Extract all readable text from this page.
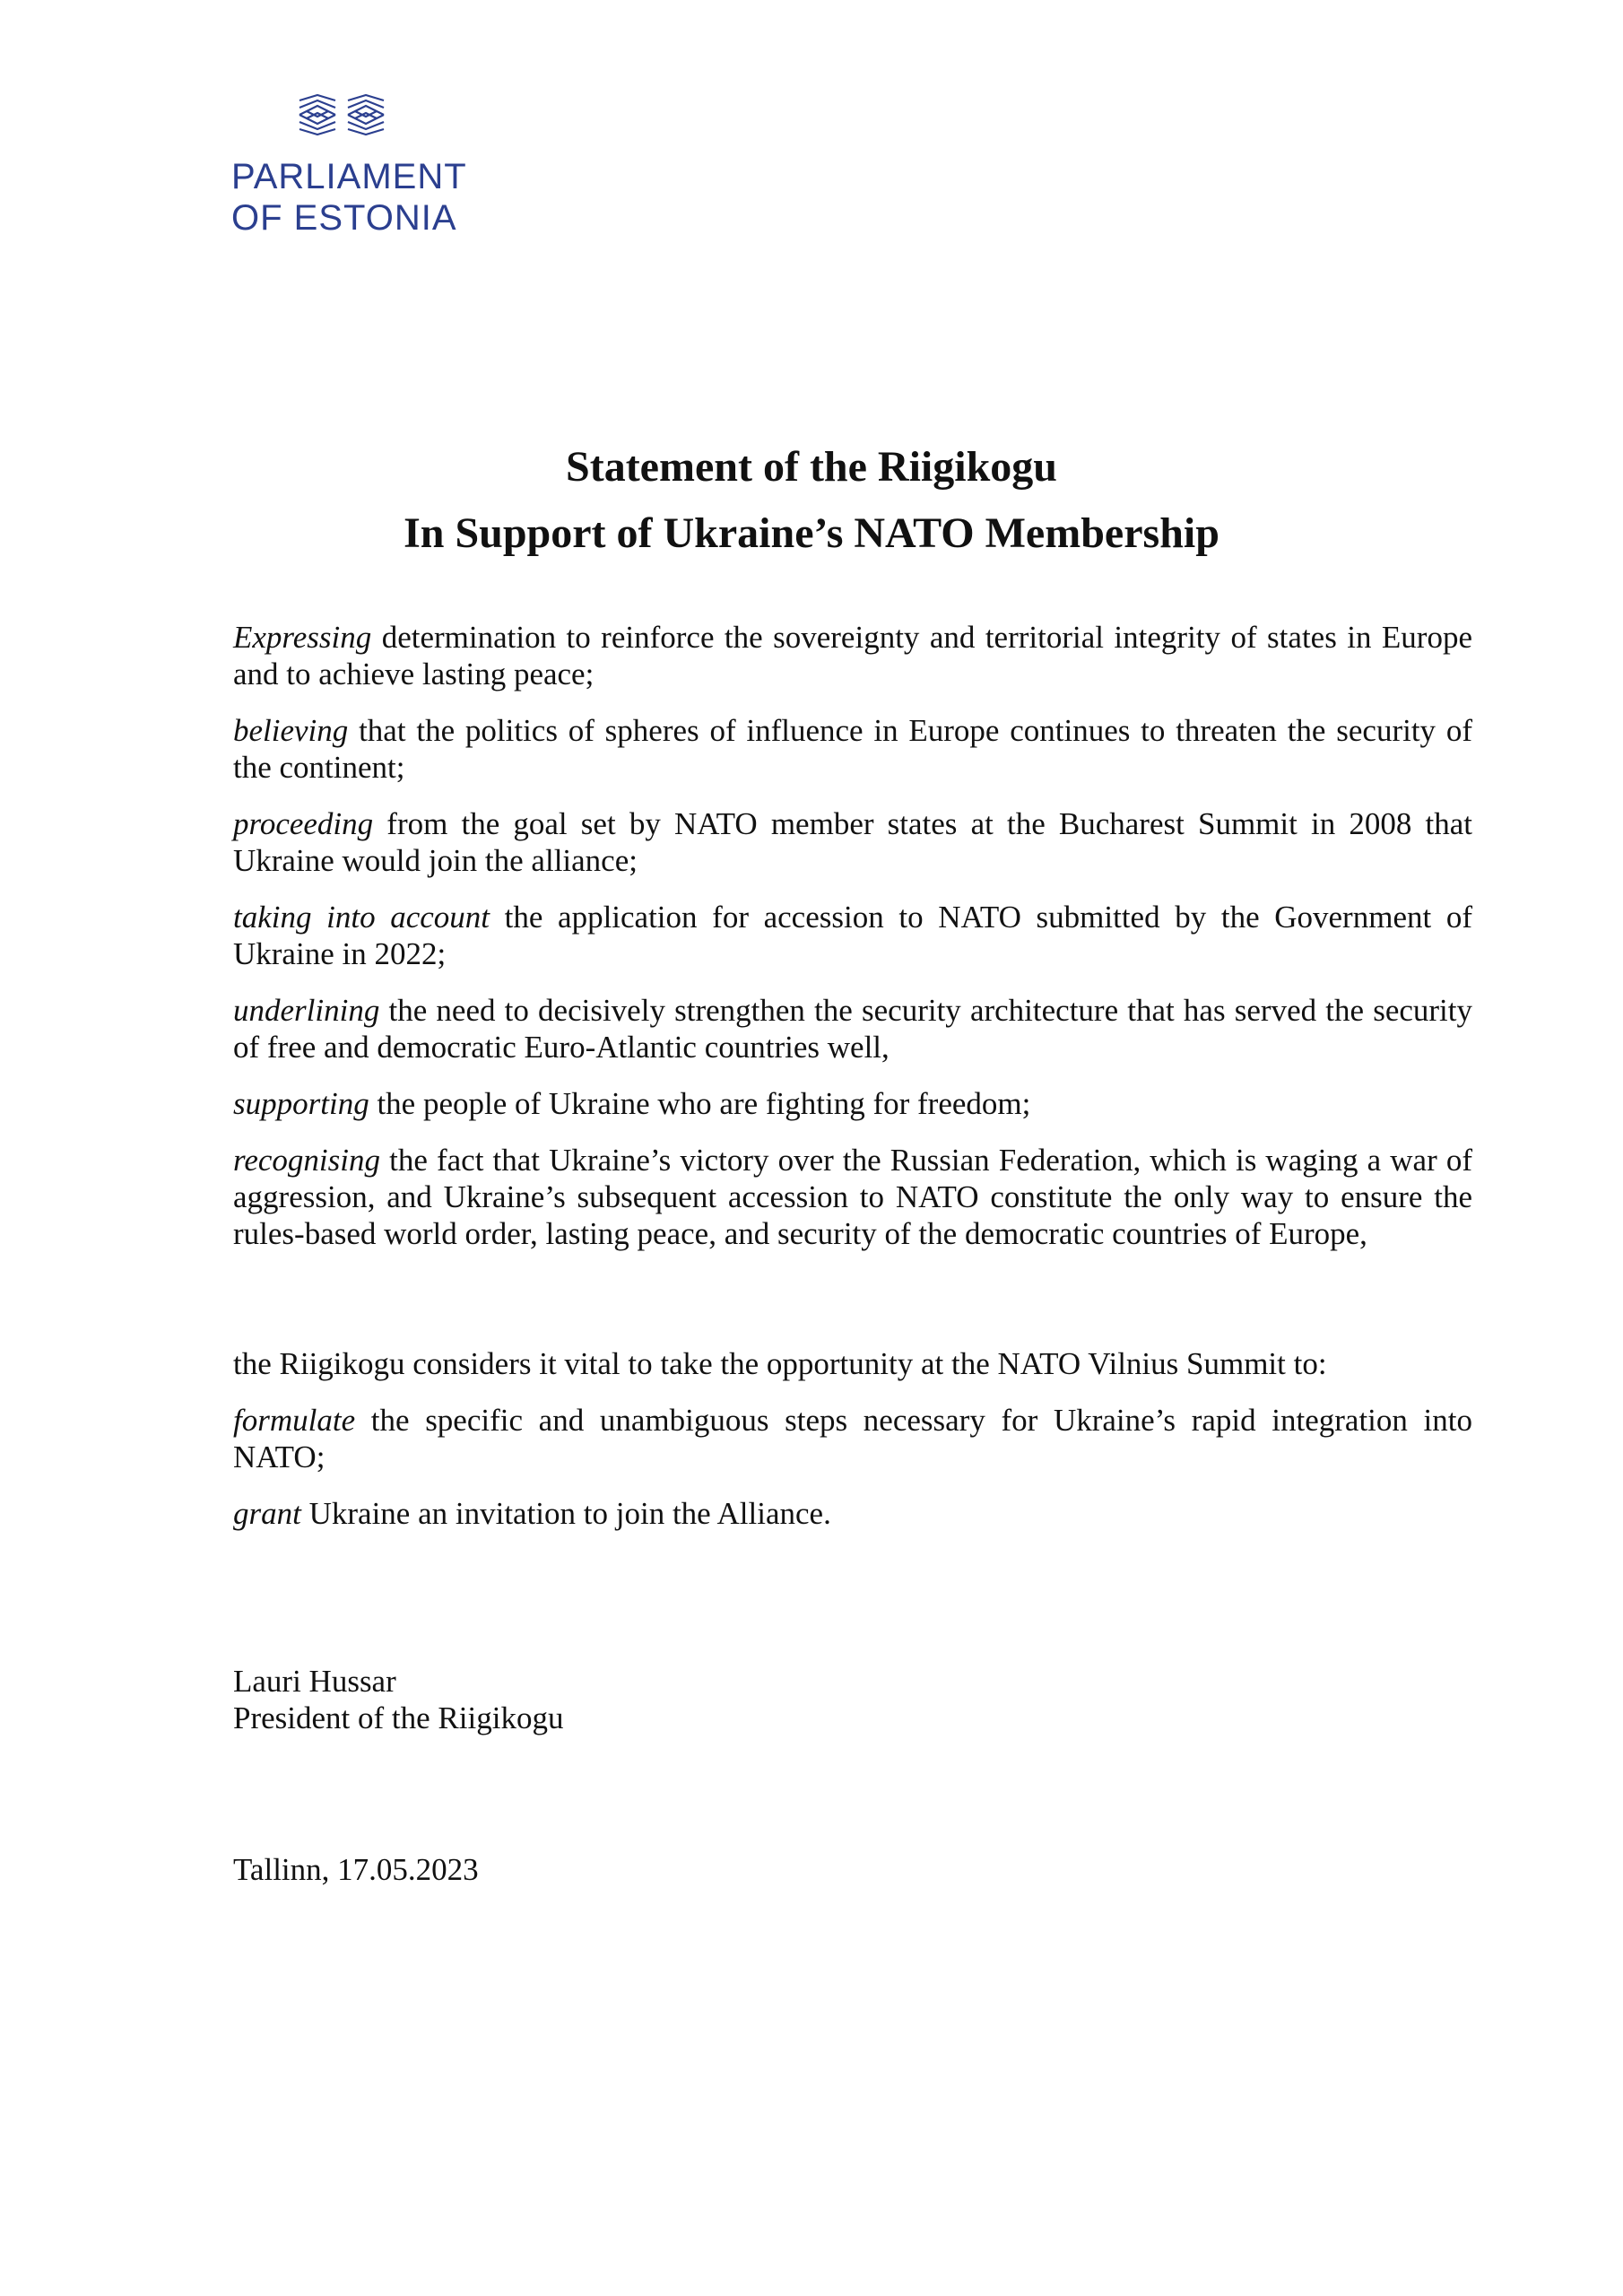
PARLIAMENT
OF ESTONIA
Statement of the Riigikogu
In Support of Ukraine’s NATO Membership

Expressing determination to reinforce the sovereignty and territorial integrity of states in Europe and to achieve lasting peace;

believing that the politics of spheres of influence in Europe continues to threaten the security of the continent;

proceeding from the goal set by NATO member states at the Bucharest Summit in 2008 that Ukraine would join the alliance;

taking into account the application for accession to NATO submitted by the Government of Ukraine in 2022;

underlining the need to decisively strengthen the security architecture that has served the security of free and democratic Euro-Atlantic countries well,

supporting the people of Ukraine who are fighting for freedom;

recognising the fact that Ukraine’s victory over the Russian Federation, which is waging a war of aggression, and Ukraine’s subsequent accession to NATO constitute the only way to ensure the rules-based world order, lasting peace, and security of the democratic countries of Europe,

the Riigikogu considers it vital to take the opportunity at the NATO Vilnius Summit to:

formulate the specific and unambiguous steps necessary for Ukraine’s rapid integration into NATO;

grant Ukraine an invitation to join the Alliance.

Lauri Hussar
President of the Riigikogu
Tallinn, 17.05.2023
